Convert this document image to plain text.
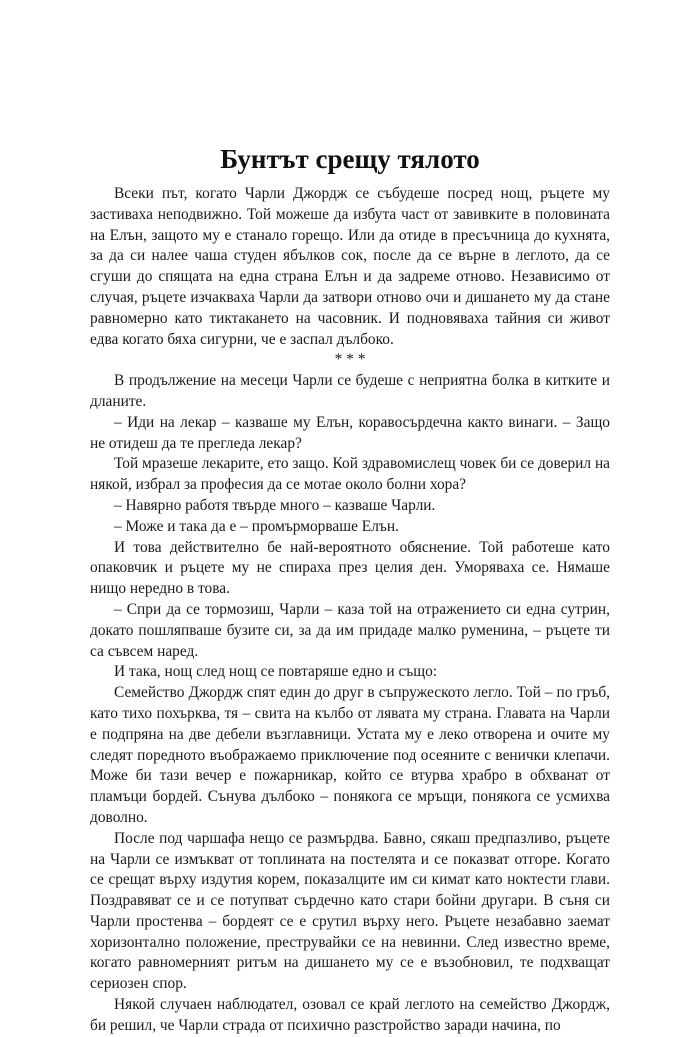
Бунтът срещу тялото

Всеки път, когато Чарли Джордж се събудеше посред нощ, ръцете му застиваха неподвижно. Той можеше да избута част от завивките в половината на Елън, защото му е станало горещо. Или да отиде в пресъчница до кухнята, за да си налее чаша студен ябълков сок, после да се върне в леглото, да се сгуши до спящата на една страна Елън и да задреме отново. Независимо от случая, ръцете изчакваха Чарли да затвори отново очи и дишането му да стане равномерно като тиктакането на часовник. И подновяваха тайния си живот едва когато бяха сигурни, че е заспал дълбоко.

* * *

В продължение на месеци Чарли се будеше с неприятна болка в китките и дланите.

– Иди на лекар – казваше му Елън, коравосърдечна както винаги. – Защо не отидеш да те прегледа лекар?

Той мразеше лекарите, ето защо. Кой здравомислещ човек би се доверил на някой, избрал за професия да се мотае около болни хора?

– Навярно работя твърде много – казваше Чарли.

– Може и така да е – промърморваше Елън.

И това действително бе най-вероятното обяснение. Той работеше като опаковчик и ръцете му не спираха през целия ден. Уморяваха се. Нямаше нищо нередно в това.

– Спри да се тормозиш, Чарли – каза той на отражението си една сутрин, докато пошляпваше бузите си, за да им придаде малко руменина, – ръцете ти са съвсем наред.

И така, нощ след нощ се повтаряше едно и също:

Семейство Джордж спят един до друг в съпружеското легло. Той – по гръб, като тихо похърква, тя – свита на кълбо от лявата му страна. Главата на Чарли е подпряна на две дебели възглавници. Устата му е леко отворена и очите му следят поредното въображаемо приключение под осеяните с венички клепачи. Може би тази вечер е пожарникар, който се втурва храбро в обхванат от пламъци бордей. Сънува дълбоко – понякога се мръщи, понякога се усмихва доволно.

После под чаршафа нещо се размърдва. Бавно, сякаш предпазливо, ръцете на Чарли се измъкват от топлината на постелята и се показват отгоре. Когато се срещат върху издутия корем, показалците им си кимат като ноктести глави. Поздравяват се и се потупват сърдечно като стари бойни другари. В съня си Чарли простенва – бордеят се е срутил върху него. Ръцете незабавно заемат хоризонтално положение, преструвайки се на невинни. След известно време, когато равномерният ритъм на дишането му се е възобновил, те подхващат сериозен спор.

Някой случаен наблюдател, озовал се край леглото на семейство Джордж, би решил, че Чарли страда от психично разстройство заради начина, по
